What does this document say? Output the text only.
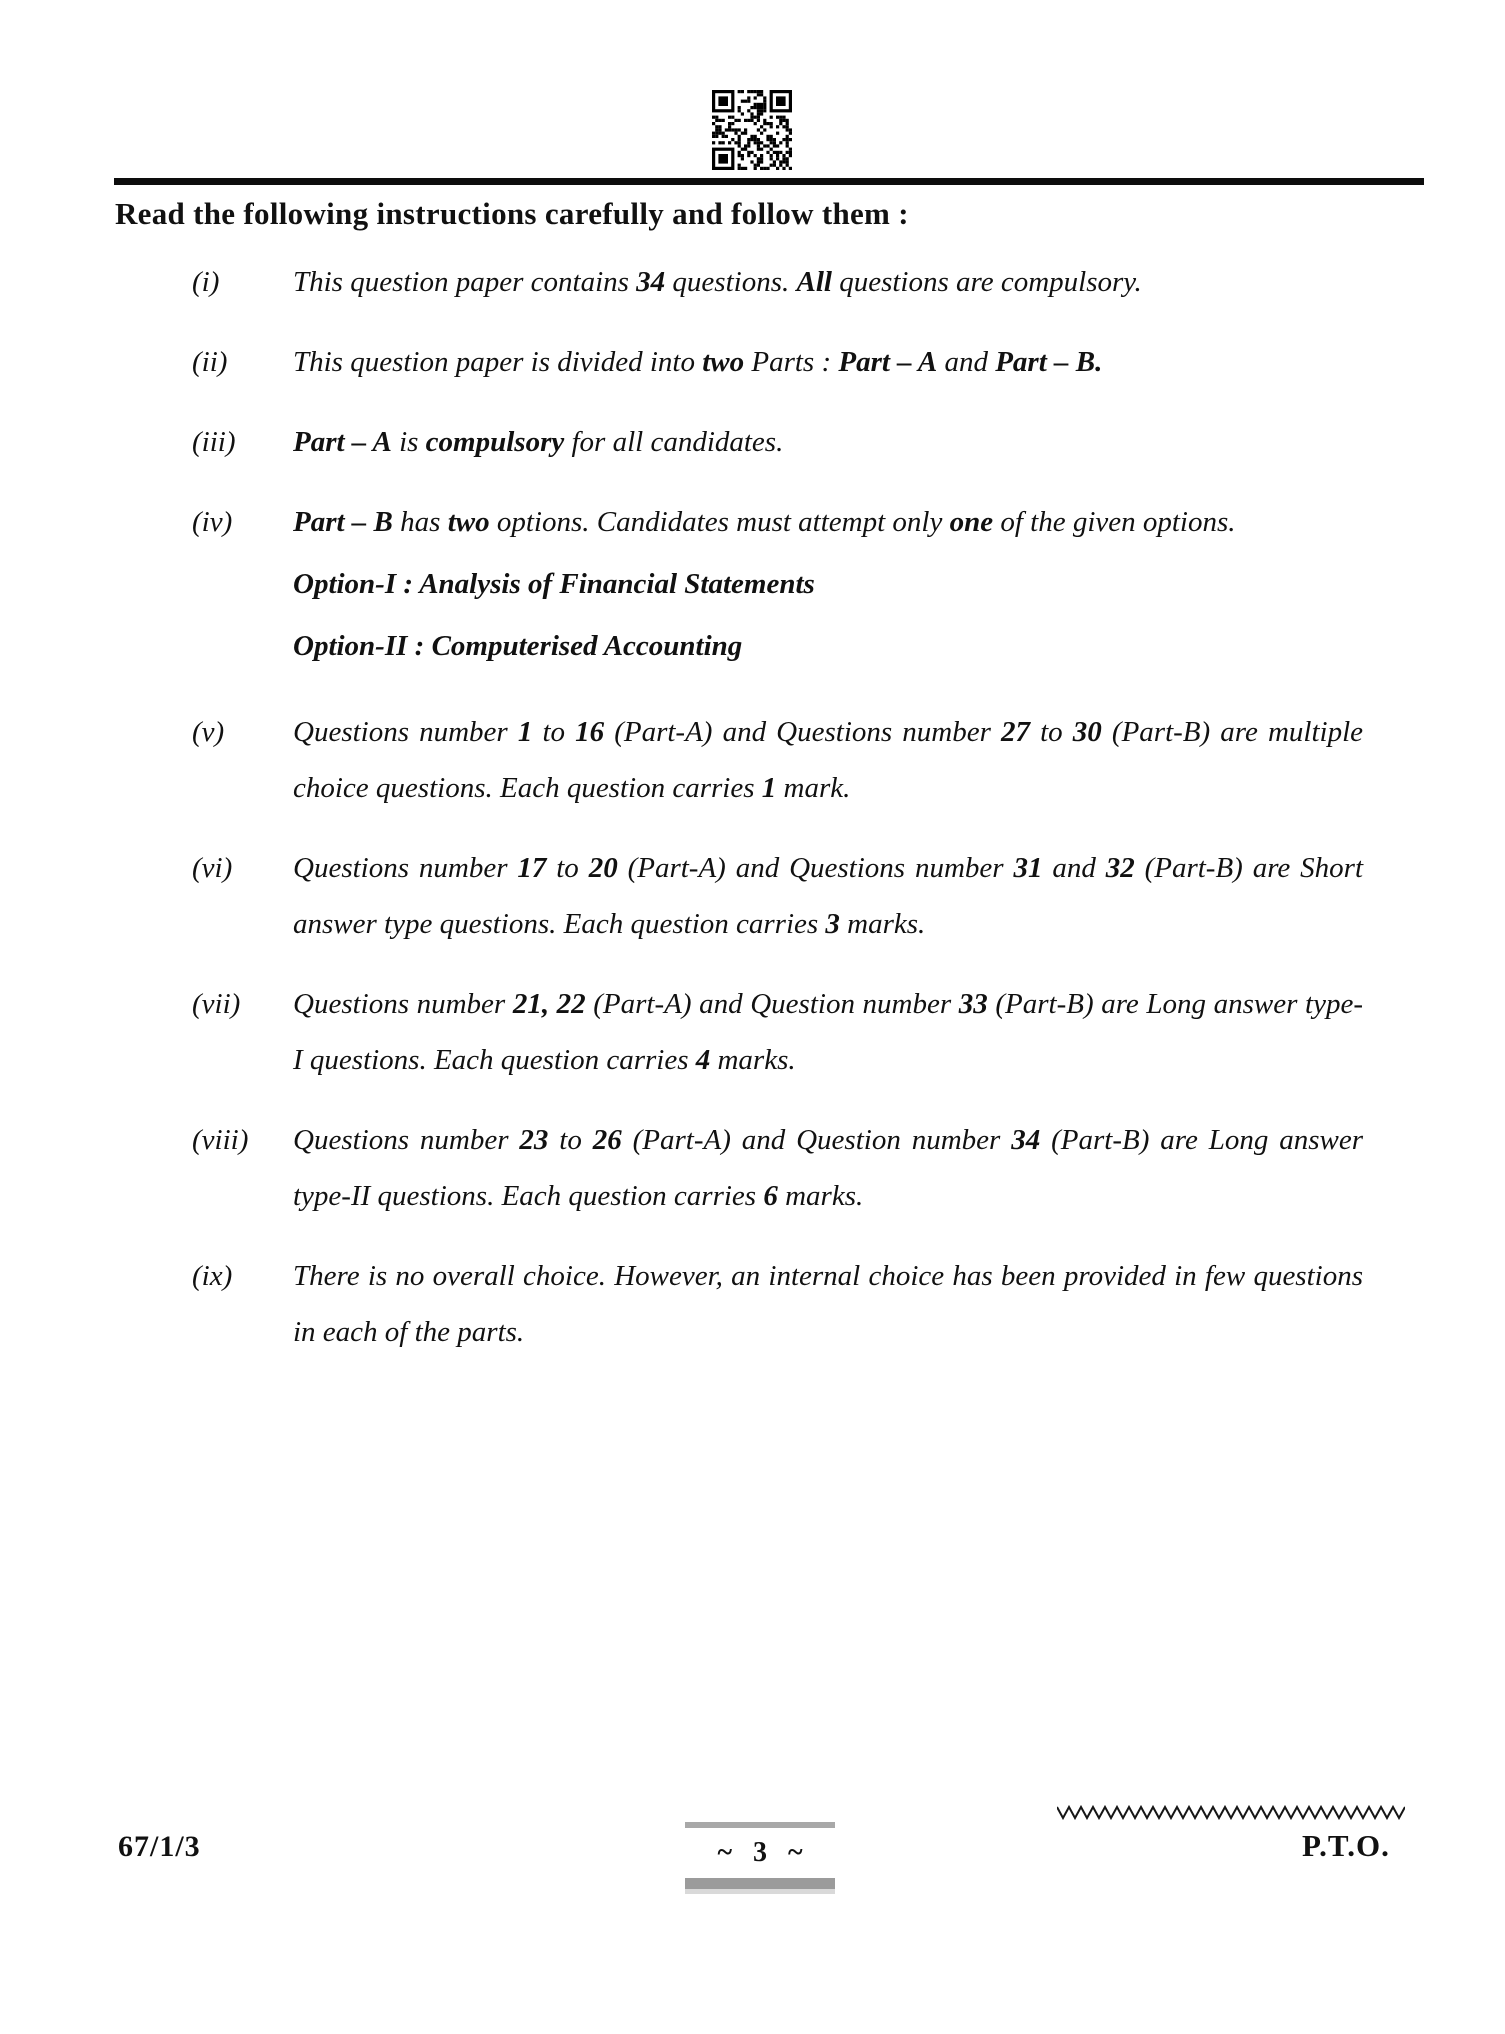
Read the following instructions carefully and follow them :
(i)	This question paper contains 34 questions. All questions are compulsory.

(ii)	This question paper is divided into two Parts : Part – A and Part – B.

(iii)	Part – A is compulsory for all candidates.

(iv)	Part – B has two options. Candidates must attempt only one of the given options.

Option-I : Analysis of Financial Statements

Option-II : Computerised Accounting

(v)	Questions number 1 to 16 (Part-A) and Questions number 27 to 30 (Part-B) are multiple choice questions. Each question carries 1 mark.

(vi)	Questions number 17 to 20 (Part-A) and Questions number 31 and 32 (Part-B) are Short answer type questions. Each question carries 3 marks.

(vii)	Questions number 21, 22 (Part-A) and Question number 33 (Part-B) are Long answer type-I questions. Each question carries 4 marks.

(viii)	Questions number 23 to 26 (Part-A) and Question number 34 (Part-B) are Long answer type-II questions. Each question carries 6 marks.

(ix)	There is no overall choice. However, an internal choice has been provided in few questions in each of the parts.

67/1/3	~ 3 ~	P.T.O.
